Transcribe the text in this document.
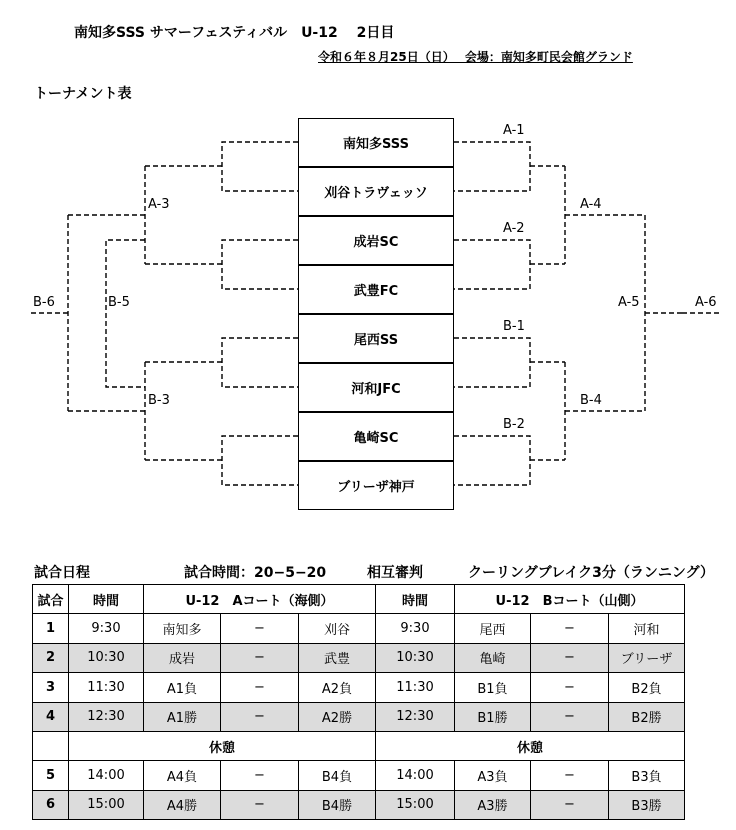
南知多SSS サマーフェスティバル　U-12　 2日目
令和６年８月25日（日）　 会場：南知多町民会館グランド
トーナメント表
南知多SSS
刈谷トラヴェッソ
成岩SC
武豊FC
尾西SS
河和JFC
亀崎SC
ブリーザ神戸
A-1
A-2
B-1
B-2
A-3	A-4
A-5	A-6
B-3	B-4
B-5
B-6
試合日程	試合時間：20−5−20	相互審判	クーリングブレイク3分（ランニング）
試合	時間	U-12　Aコート（海側）			時間	U-12　Bコート（山側）		
1	9:30	南知多	−	刈谷	9:30	尾西	−	河和
2	10:30	成岩	−	武豊	10:30	亀崎	−	ブリーザ
3	11:30	A1負	−	A2負	11:30	B1負	−	B2負
4	12:30	A1勝	−	A2勝	12:30	B1勝	−	B2勝
	休憩				休憩			
5	14:00	A4負	−	B4負	14:00	A3負	−	B3負
6	15:00	A4勝	−	B4勝	15:00	A3勝	−	B3勝
